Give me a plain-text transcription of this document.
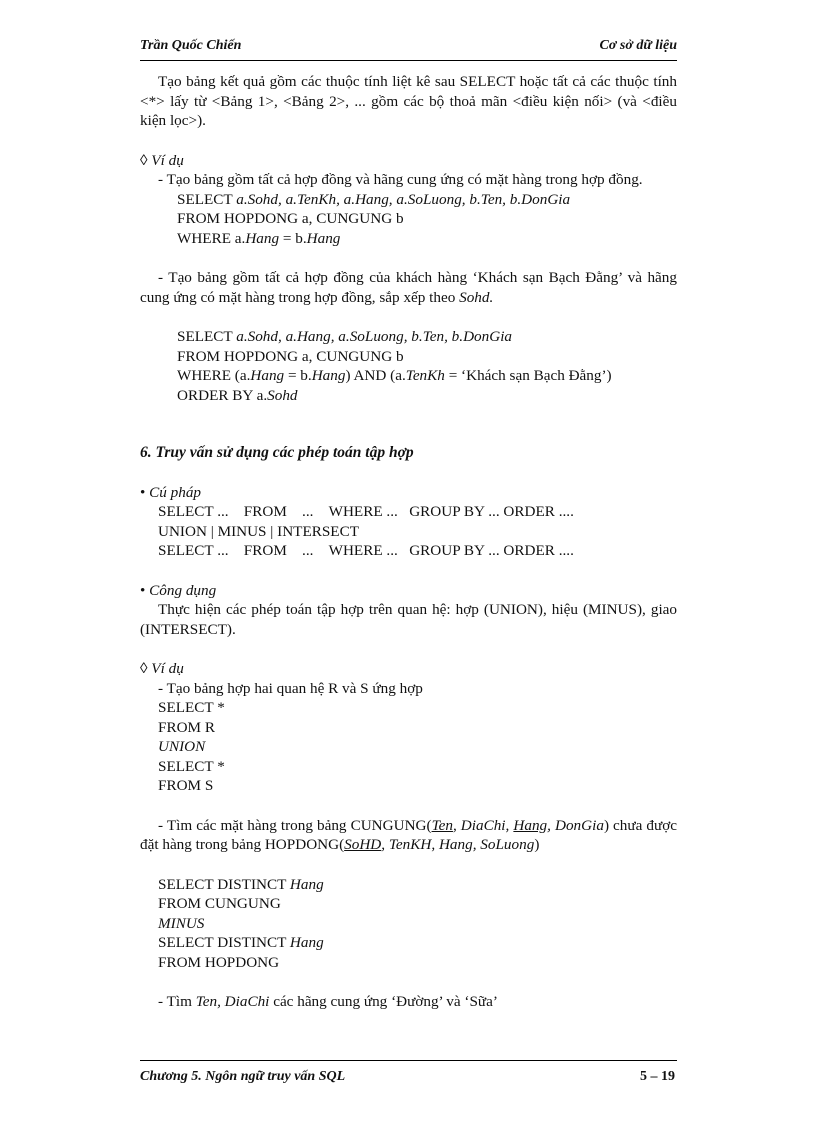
Trần Quốc Chiến	Cơ sở dữ liệu

Tạo bảng kết quả gồm các thuộc tính liệt kê sau SELECT hoặc tất cả các thuộc tính <*> lấy từ <Bảng 1>, <Bảng 2>, ... gồm các bộ thoả mãn <điều kiện nối> (và <điều kiện lọc>).

◊ Ví dụ

- Tạo bảng gồm tất cả hợp đồng và hãng cung ứng có mặt hàng trong hợp đồng.

SELECT a.Sohd, a.TenKh, a.Hang, a.SoLuong, b.Ten, b.DonGia

FROM HOPDONG a, CUNGUNG b

WHERE a.Hang = b.Hang

- Tạo bảng gồm tất cả hợp đồng của khách hàng ‘Khách sạn Bạch Đằng’ và hãng cung ứng có mặt hàng trong hợp đồng, sắp xếp theo Sohd.

SELECT a.Sohd, a.Hang, a.SoLuong, b.Ten, b.DonGia

FROM HOPDONG a, CUNGUNG b

WHERE (a.Hang = b.Hang) AND (a.TenKh = ‘Khách sạn Bạch Đằng’)

ORDER BY a.Sohd

6. Truy vấn sử dụng các phép toán tập hợp

• Cú pháp

SELECT ... FROM ... WHERE ... GROUP BY ... ORDER ....

UNION | MINUS | INTERSECT

SELECT ... FROM ... WHERE ... GROUP BY ... ORDER ....

• Công dụng

Thực hiện các phép toán tập hợp trên quan hệ: hợp (UNION), hiệu (MINUS), giao (INTERSECT).

◊ Ví dụ

- Tạo bảng hợp hai quan hệ R và S ứng hợp

SELECT *

FROM R

UNION

SELECT *

FROM S

- Tìm các mặt hàng trong bảng CUNGUNG(Ten, DiaChi, Hang, DonGia) chưa được đặt hàng trong bảng HOPDONG(SoHD, TenKH, Hang, SoLuong)

SELECT DISTINCT Hang

FROM CUNGUNG

MINUS

SELECT DISTINCT Hang

FROM HOPDONG

- Tìm Ten, DiaChi các hãng cung ứng ‘Đường’ và ‘Sữa’

Chương 5. Ngôn ngữ truy vấn SQL	5 – 19
